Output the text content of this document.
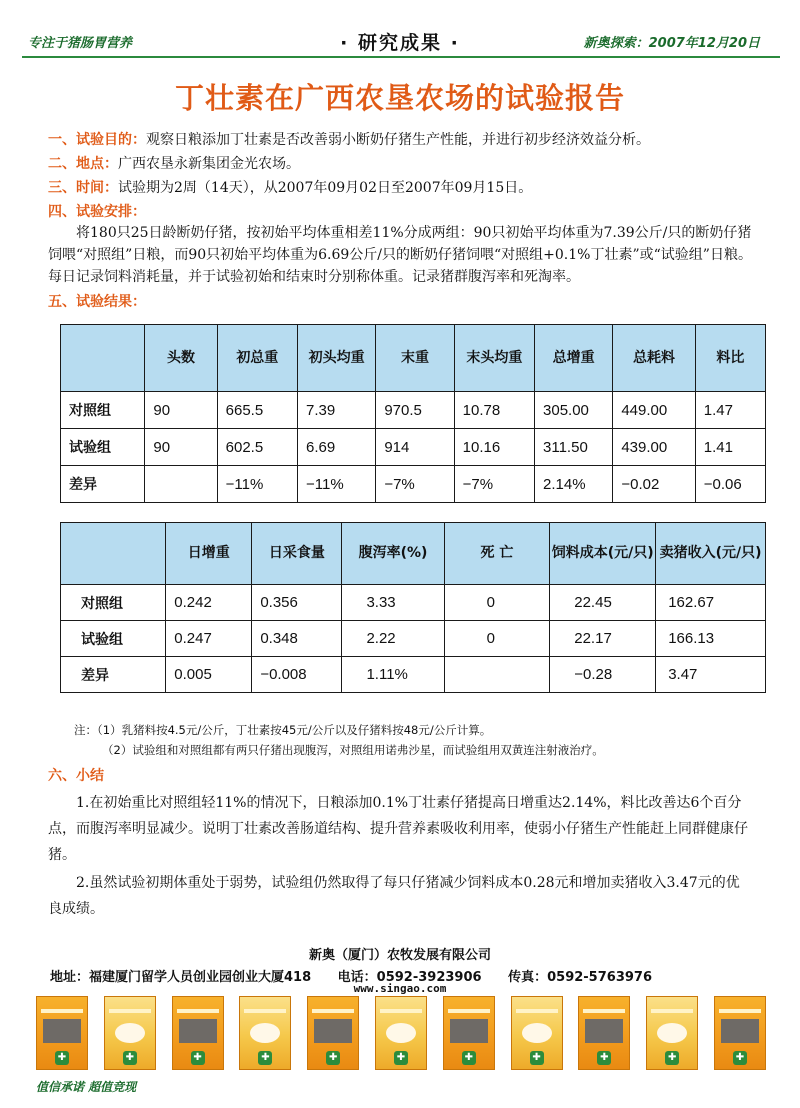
专注于猪肠胃营养	· 研究成果 ·	新奥探索：2007年12月20日
丁壮素在广西农垦农场的试验报告
一、试验目的：观察日粮添加丁壮素是否改善弱小断奶仔猪生产性能，并进行初步经济效益分析。
二、地点：广西农垦永新集团金光农场。
三、时间：试验期为2周（14天），从2007年09月02日至2007年09月15日。
四、试验安排：
将180只25日龄断奶仔猪，按初始平均体重相差11%分成两组：90只初始平均体重为7.39公斤/只的断奶仔猪饲喂“对照组”日粮，而90只初始平均体重为6.69公斤/只的断奶仔猪饲喂“对照组+0.1%丁壮素”或“试验组”日粮。每日记录饲料消耗量，并于试验初始和结束时分别称体重。记录猪群腹泻率和死淘率。
五、试验结果：
	头数	初总重	初头均重	末重	末头均重	总增重	总耗料	料比
对照组	90	665.5	7.39	970.5	10.78	305.00	449.00	1.47
试验组	90	602.5	6.69	914	10.16	311.50	439.00	1.41
差异		−11%	−11%	−7%	−7%	2.14%	−0.02	−0.06
	日增重	日采食量	腹泻率(%)	死 亡	饲料成本(元/只)	卖猪收入(元/只)
对照组	0.242	0.356	3.33	0	22.45	162.67
试验组	0.247	0.348	2.22	0	22.17	166.13
差异	0.005	−0.008	1.11%		−0.28	3.47
注：（1）乳猪料按4.5元/公斤，丁壮素按45元/公斤以及仔猪料按48元/公斤计算。
（2）试验组和对照组都有两只仔猪出现腹泻，对照组用诺弗沙星，而试验组用双黄连注射液治疗。
六、小结
1.在初始重比对照组轻11%的情况下，日粮添加0.1%丁壮素仔猪提高日增重达2.14%，料比改善达6个百分点，而腹泻率明显减少。说明丁壮素改善肠道结构、提升营养素吸收利用率，使弱小仔猪生产性能赶上同群健康仔猪。
2.虽然试验初期体重处于弱势，试验组仍然取得了每只仔猪减少饲料成本0.28元和增加卖猪收入3.47元的优良成绩。
新奥（厦门）农牧发展有限公司
地址：福建厦门留学人员创业园创业大厦418 电话：0592-3923906 传真：0592-5763976
www.singao.com
✚	✚	✚	✚	✚	✚	✚	✚	✚	✚	✚
值信承诺 超值竞现
